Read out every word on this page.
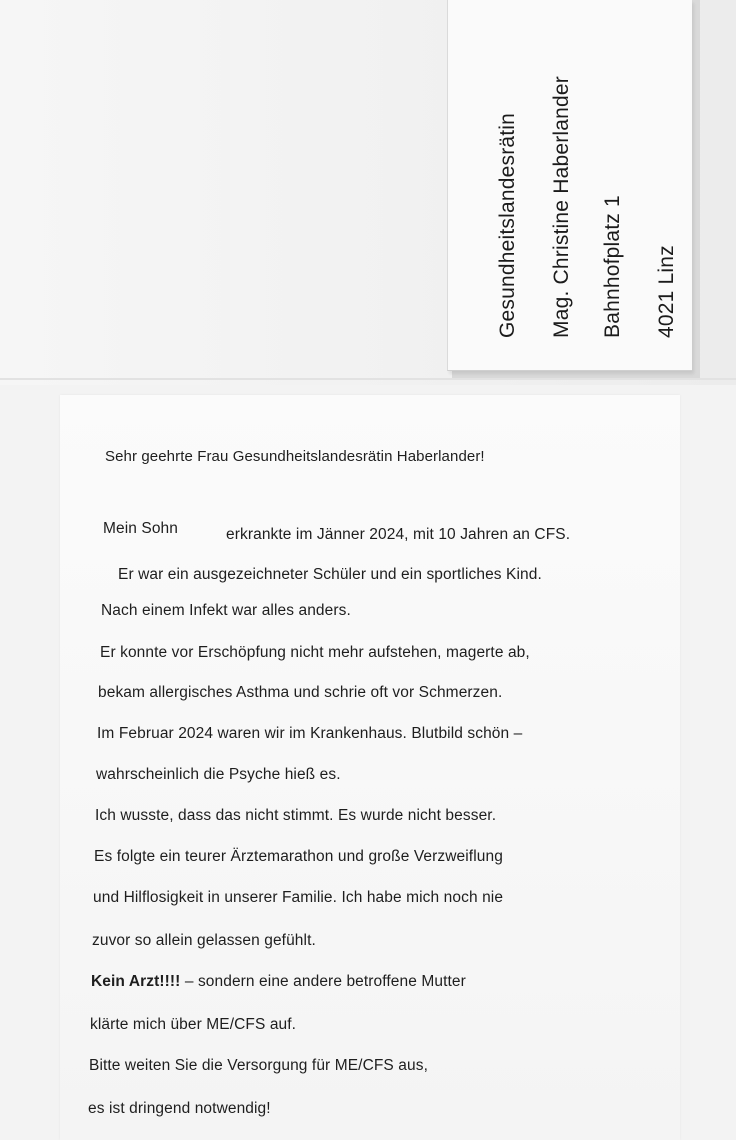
Gesundheitslandesrätin Mag. Christine Haberlander Bahnhofplatz 1 4021 Linz
Sehr geehrte Frau Gesundheitslandesrätin Haberlander!
Mein Sohn	erkrankte im Jänner 2024, mit 10 Jahren an CFS.
Er war ein ausgezeichneter Schüler und ein sportliches Kind.
Nach einem Infekt war alles anders.
Er konnte vor Erschöpfung nicht mehr aufstehen, magerte ab,
bekam allergisches Asthma und schrie oft vor Schmerzen.
Im Februar 2024 waren wir im Krankenhaus. Blutbild schön –
wahrscheinlich die Psyche hieß es.
Ich wusste, dass das nicht stimmt. Es wurde nicht besser.
Es folgte ein teurer Ärztemarathon und große Verzweiflung
und Hilflosigkeit in unserer Familie. Ich habe mich noch nie
zuvor so allein gelassen gefühlt.
Kein Arzt!!!! – sondern eine andere betroffene Mutter
klärte mich über ME/CFS auf.
Bitte weiten Sie die Versorgung für ME/CFS aus,
es ist dringend notwendig!
